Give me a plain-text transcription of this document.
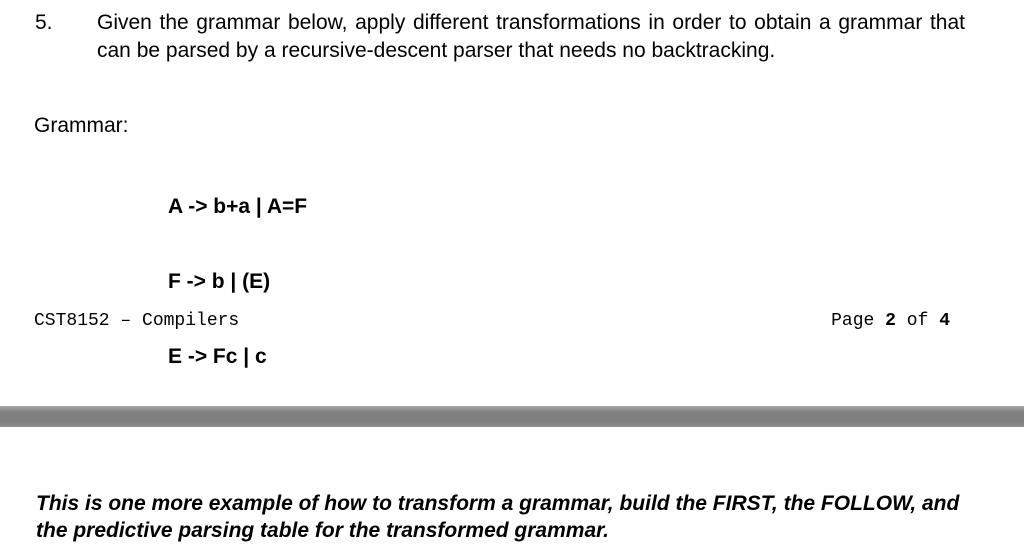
5. Given the grammar below, apply different transformations in order to obtain a grammar that can be parsed by a recursive-descent parser that needs no backtracking.
Grammar:

A -> b+a | A=F

F -> b | (E)

E -> Fc | c

CST8152 – Compilers	Page 2 of 4
This is one more example of how to transform a grammar, build the FIRST, the FOLLOW, and the predictive parsing table for the transformed grammar.
